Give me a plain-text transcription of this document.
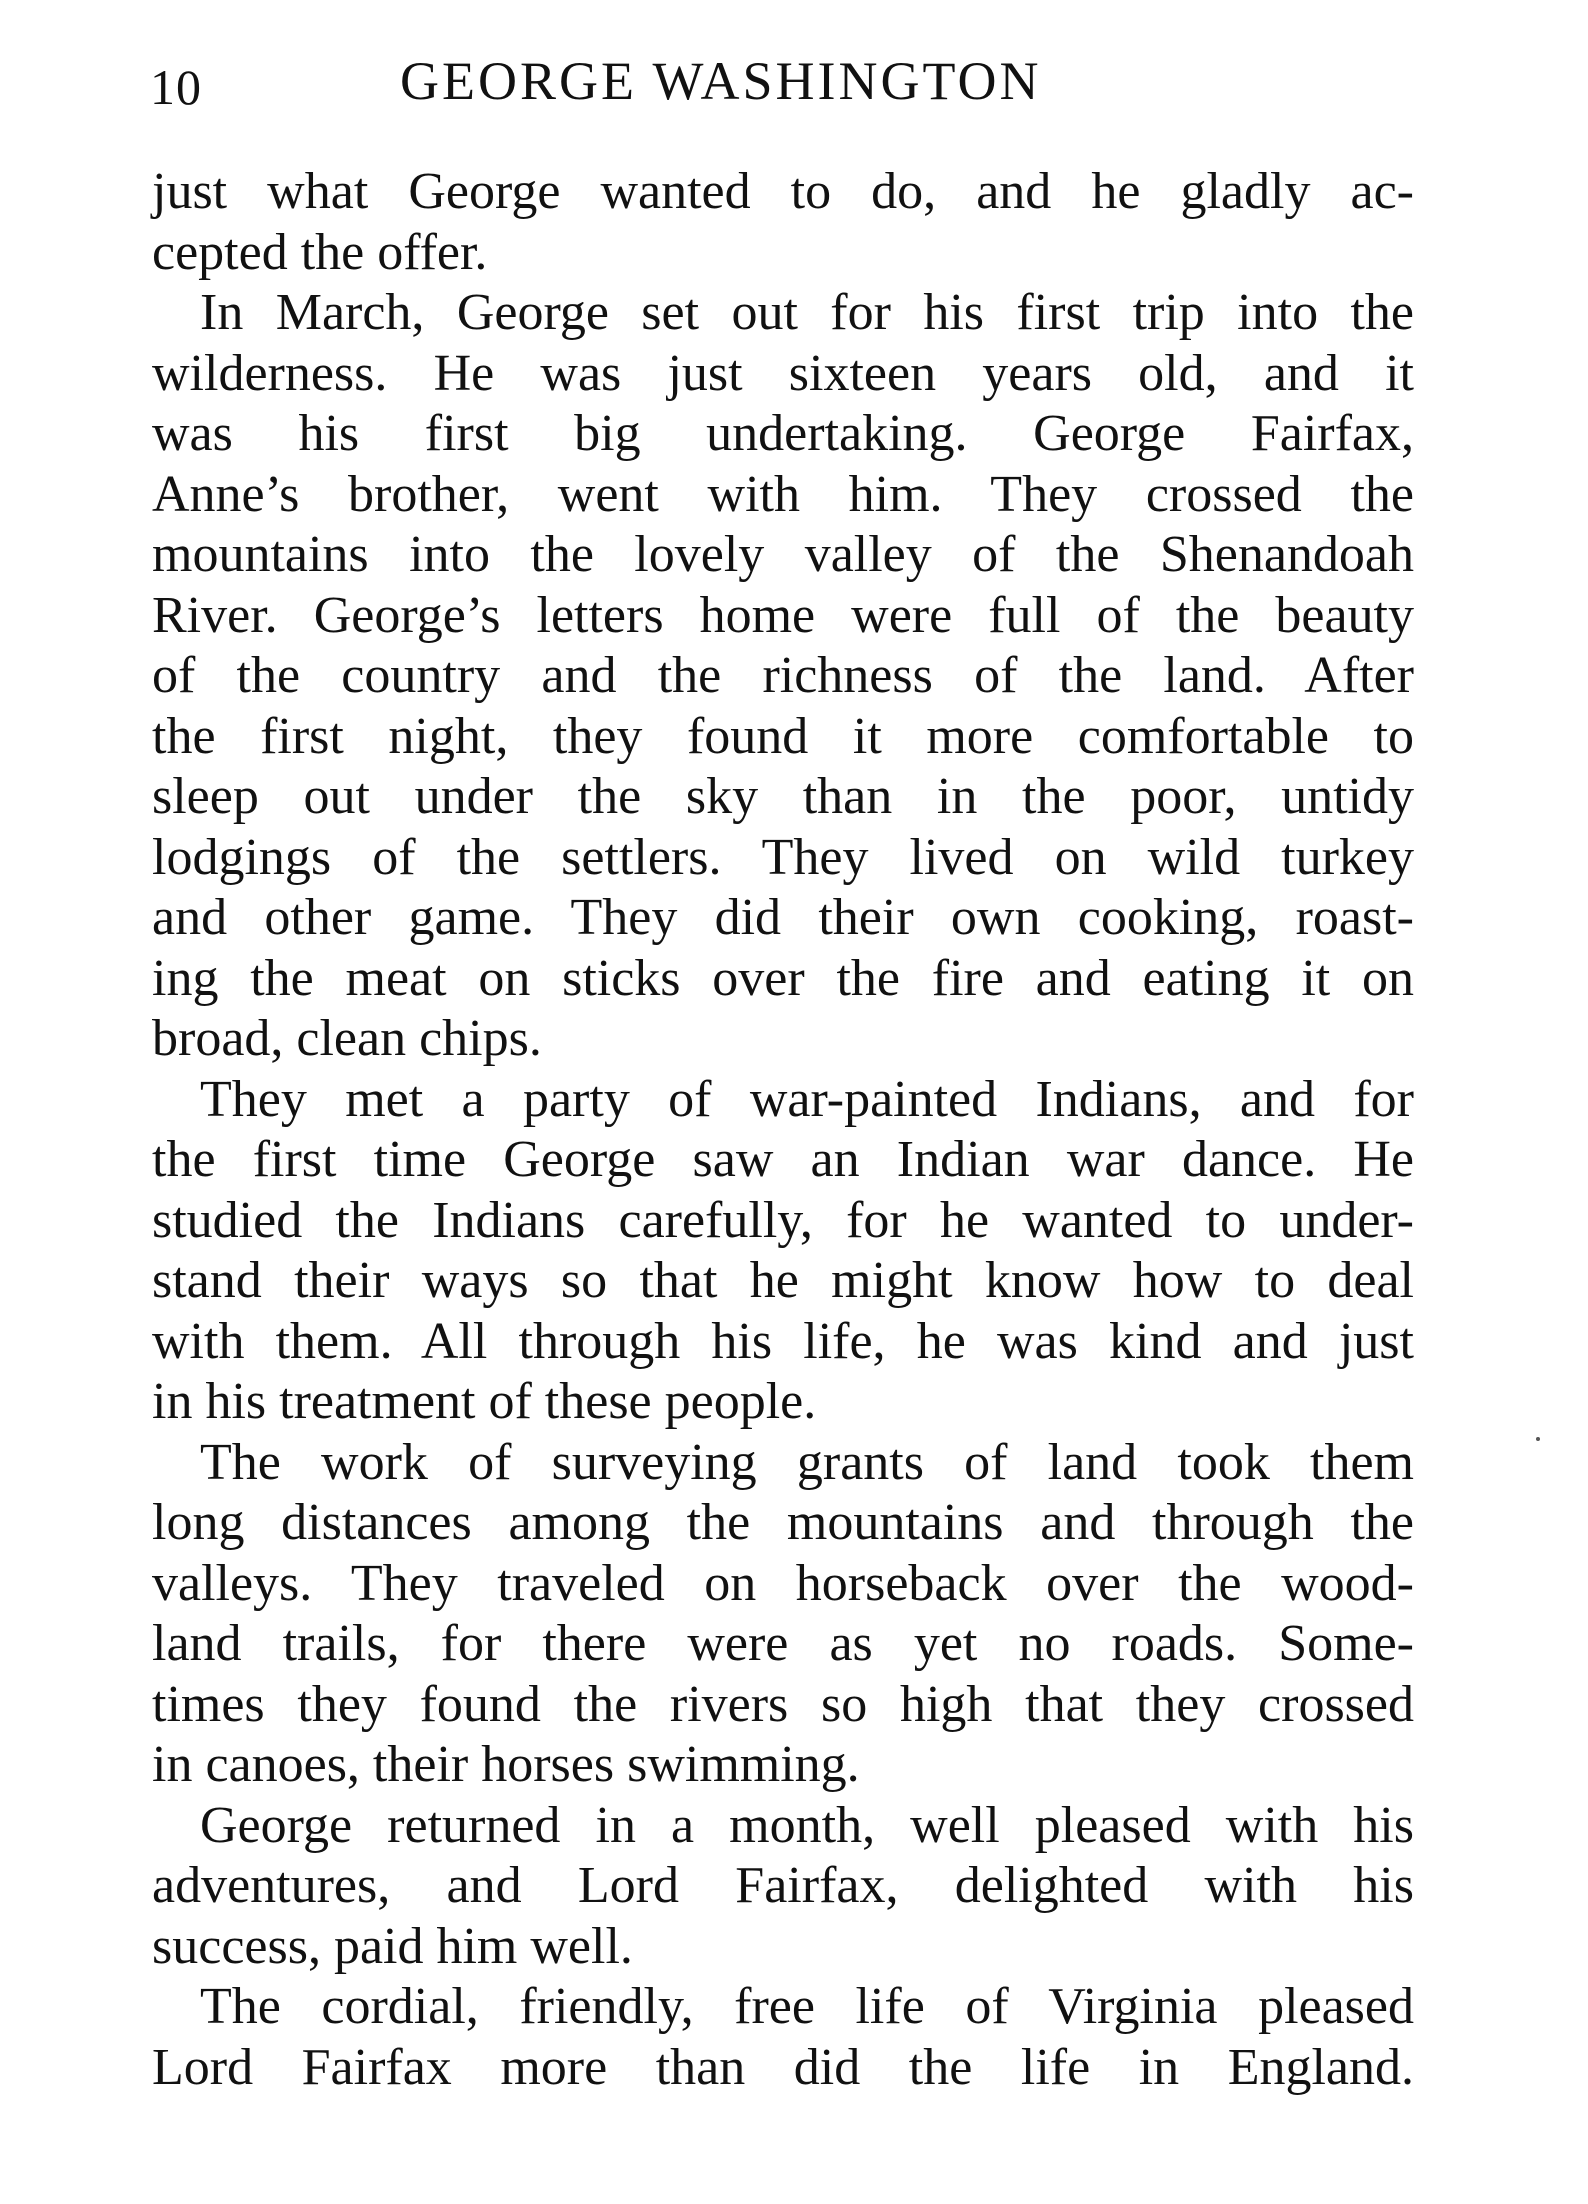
10	GEORGE WASHINGTON
just what George wanted to do, and he gladly ac-
cepted the offer.
In March, George set out for his first trip into the
wilderness. He was just sixteen years old, and it
was his first big undertaking. George Fairfax,
Anne’s brother, went with him. They crossed the
mountains into the lovely valley of the Shenandoah
River. George’s letters home were full of the beauty
of the country and the richness of the land. After
the first night, they found it more comfortable to
sleep out under the sky than in the poor, untidy
lodgings of the settlers. They lived on wild turkey
and other game. They did their own cooking, roast-
ing the meat on sticks over the fire and eating it on
broad, clean chips.
They met a party of war-painted Indians, and for
the first time George saw an Indian war dance. He
studied the Indians carefully, for he wanted to under-
stand their ways so that he might know how to deal
with them. All through his life, he was kind and just
in his treatment of these people.
The work of surveying grants of land took them
long distances among the mountains and through the
valleys. They traveled on horseback over the wood-
land trails, for there were as yet no roads. Some-
times they found the rivers so high that they crossed
in canoes, their horses swimming.
George returned in a month, well pleased with his
adventures, and Lord Fairfax, delighted with his
success, paid him well.
The cordial, friendly, free life of Virginia pleased
Lord Fairfax more than did the life in England.
